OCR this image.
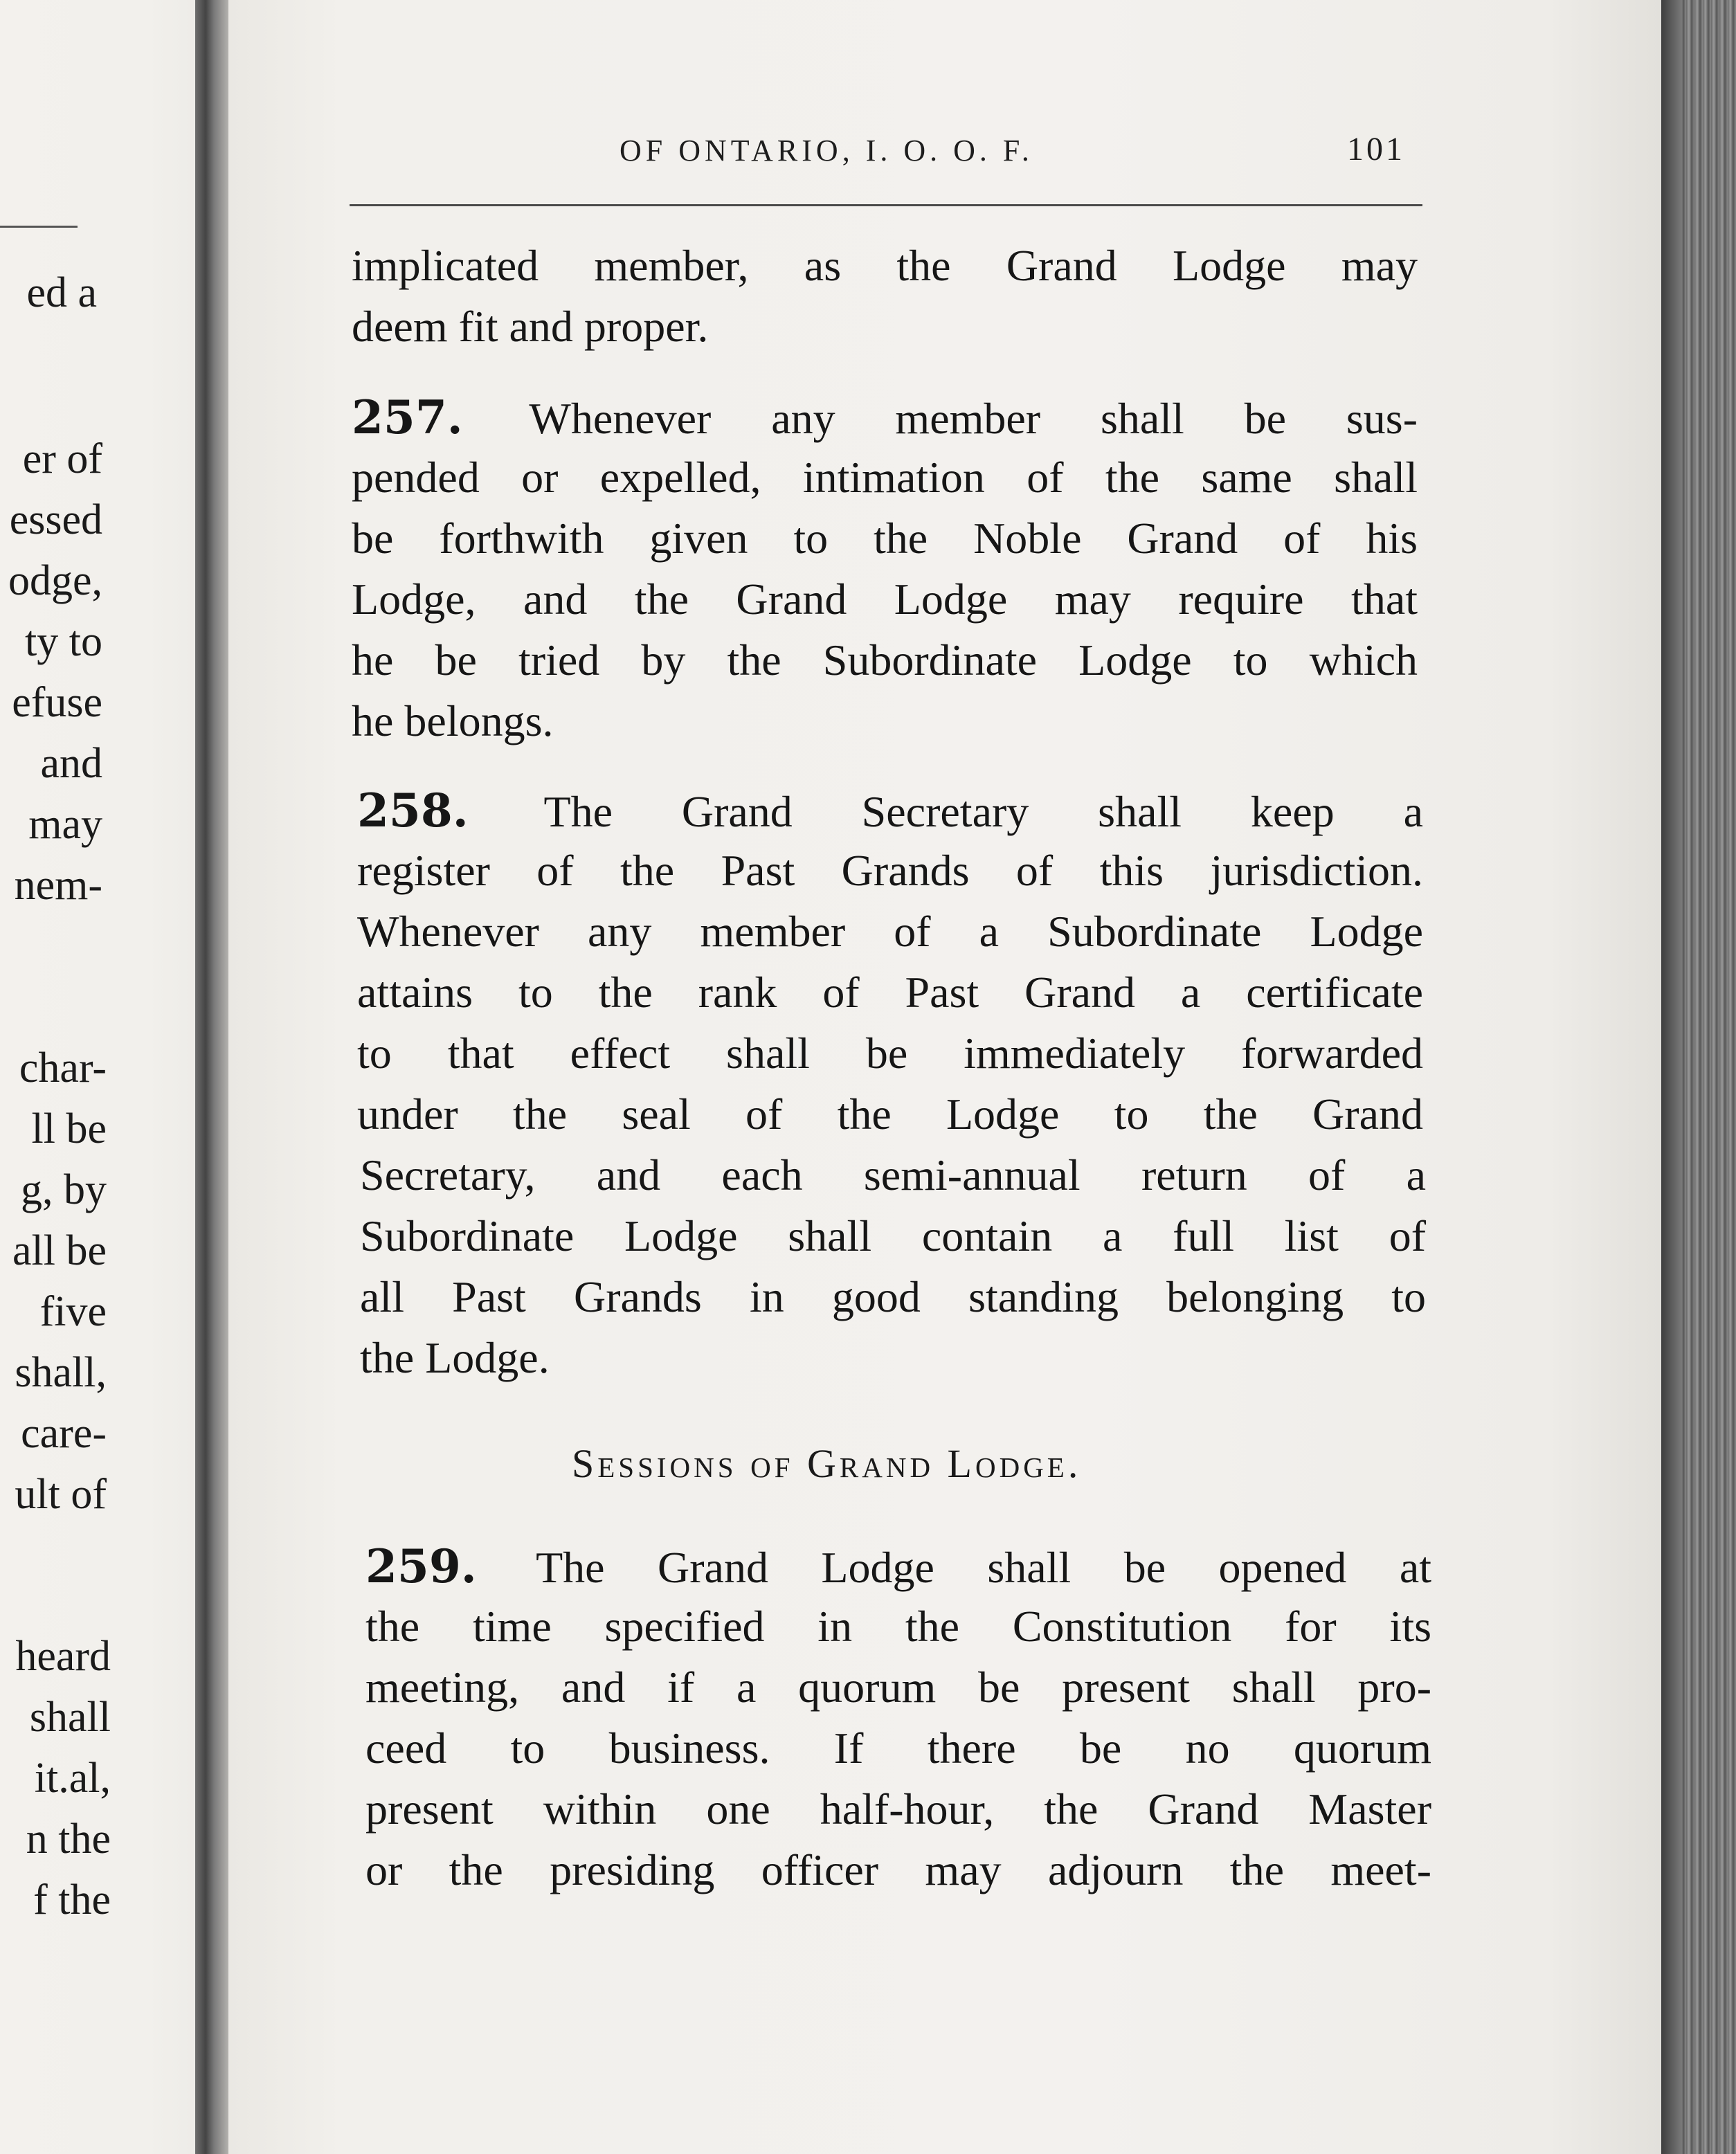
ed a
er of
essed
odge,
ty to
efuse
and
may
nem-
char-
ll be
g, by
all be
five
shall,
care-
ult of
heard
shall
it.al,
n the
f the
OF ONTARIO, I. O. O. F.	101
implicated member, as the Grand Lodge may
deem fit and proper.
257. Whenever any member shall be sus-
pended or expelled, intimation of the same shall
be forthwith given to the Noble Grand of his
Lodge, and the Grand Lodge may require that
he be tried by the Subordinate Lodge to which
he belongs.
258. The Grand Secretary shall keep a
register of the Past Grands of this jurisdiction.
Whenever any member of a Subordinate Lodge
attains to the rank of Past Grand a certificate
to that effect shall be immediately forwarded
under the seal of the Lodge to the Grand
Secretary, and each semi-annual return of a
Subordinate Lodge shall contain a full list of
all Past Grands in good standing belonging to
the Lodge.
Sessions of Grand Lodge.
259. The Grand Lodge shall be opened at
the time specified in the Constitution for its
meeting, and if a quorum be present shall pro-
ceed to business. If there be no quorum
present within one half-hour, the Grand Master
or the presiding officer may adjourn the meet-
